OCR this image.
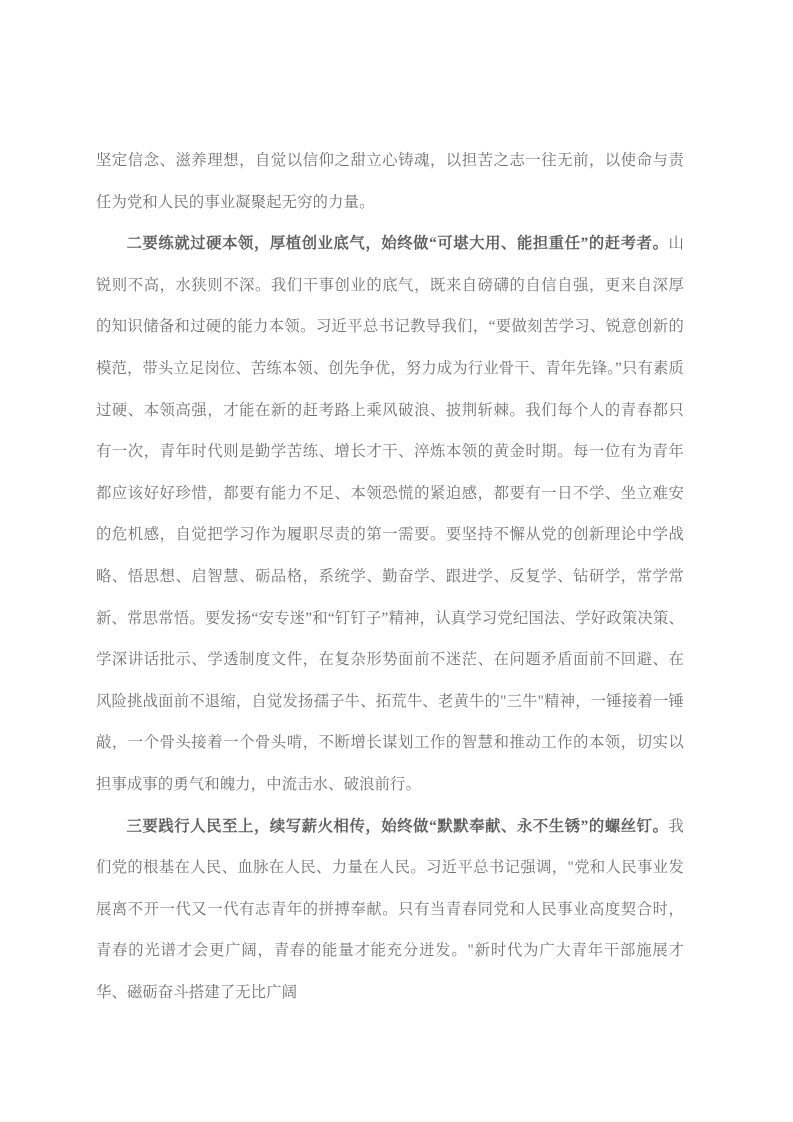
坚定信念、滋养理想，自觉以信仰之甜立心铸魂，以担苦之志一往无前，以使命与责任为党和人民的事业凝聚起无穷的力量。

二要练就过硬本领，厚植创业底气，始终做“可堪大用、能担重任”的赶考者。山锐则不高，水狭则不深。我们干事创业的底气，既来自磅礴的自信自强，更来自深厚的知识储备和过硬的能力本领。习近平总书记教导我们，“要做刻苦学习、锐意创新的模范，带头立足岗位、苦练本领、创先争优，努力成为行业骨干、青年先锋。”只有素质过硬、本领高强，才能在新的赶考路上乘风破浪、披荆斩棘。我们每个人的青春都只有一次，青年时代则是勤学苦练、增长才干、淬炼本领的黄金时期。每一位有为青年都应该好好珍惜，都要有能力不足、本领恐慌的紧迫感，都要有一日不学、坐立难安的危机感，自觉把学习作为履职尽责的第一需要。要坚持不懈从党的创新理论中学战略、悟思想、启智慧、砺品格，系统学、勤奋学、跟进学、反复学、钻研学，常学常新、常思常悟。要发扬“安专迷”和“钉钉子”精神，认真学习党纪国法、学好政策决策、学深讲话批示、学透制度文件，在复杂形势面前不迷茫、在问题矛盾面前不回避、在风险挑战面前不退缩，自觉发扬孺子牛、拓荒牛、老黄牛的"三牛"精神，一锤接着一锤敲，一个骨头接着一个骨头啃，不断增长谋划工作的智慧和推动工作的本领，切实以担事成事的勇气和魄力，中流击水、破浪前行。

三要践行人民至上，续写薪火相传，始终做“默默奉献、永不生锈”的螺丝钉。我们党的根基在人民、血脉在人民、力量在人民。习近平总书记强调，"党和人民事业发展离不开一代又一代有志青年的拼搏奉献。只有当青春同党和人民事业高度契合时，青春的光谱才会更广阔，青春的能量才能充分迸发。"新时代为广大青年干部施展才华、磁砺奋斗搭建了无比广阔
